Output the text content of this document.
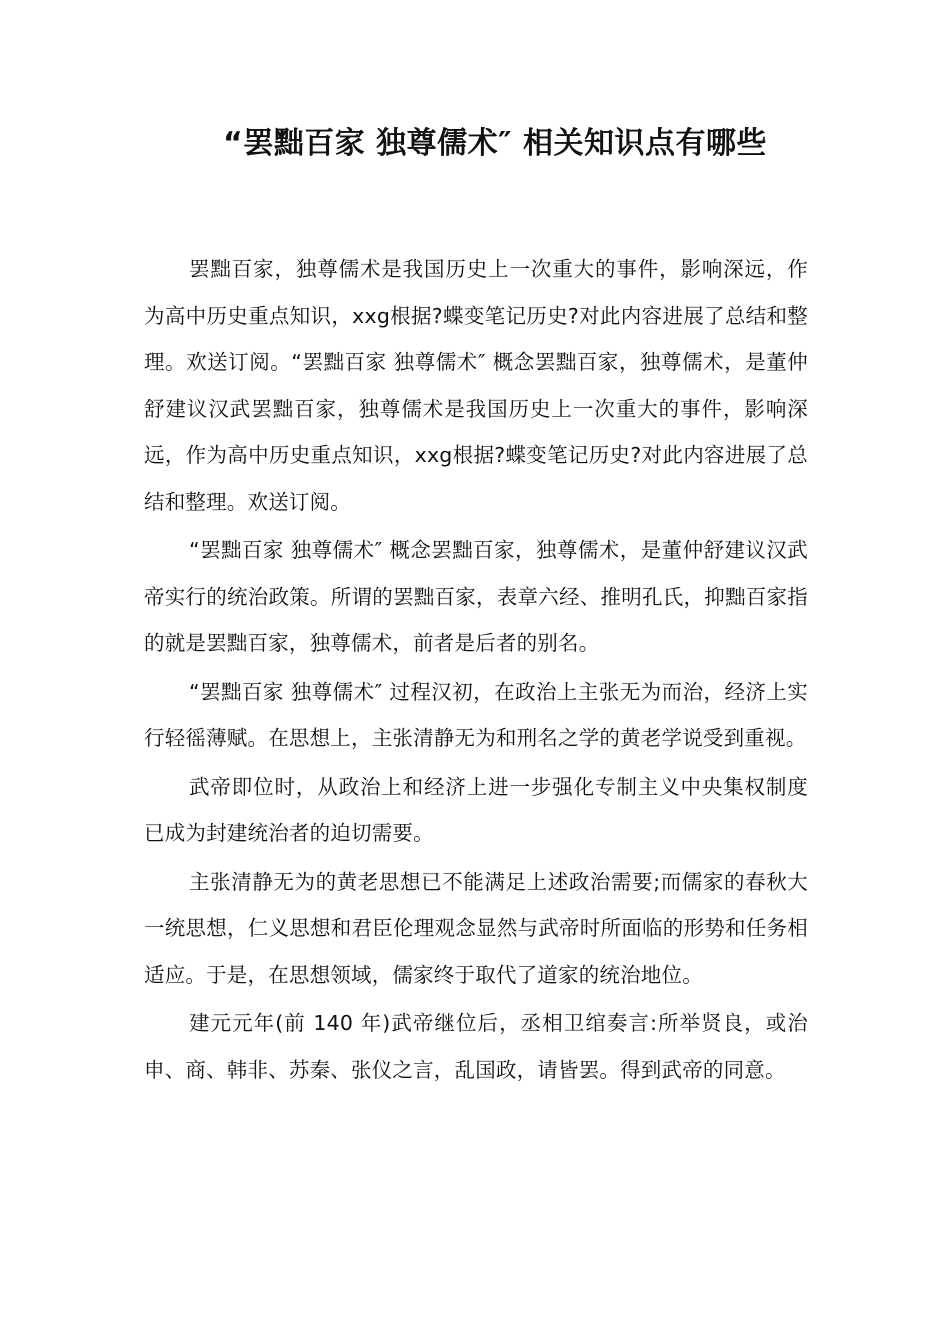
“罢黜百家 独尊儒术″ 相关知识点有哪些

罢黜百家，独尊儒术是我国历史上一次重大的事件，影响深远，作为高中历史重点知识，xxg根据?蝶变笔记历史?对此内容进展了总结和整理。欢送订阅。“罢黜百家 独尊儒术″ 概念罢黜百家，独尊儒术，是董仲舒建议汉武罢黜百家，独尊儒术是我国历史上一次重大的事件，影响深远，作为高中历史重点知识，xxg根据?蝶变笔记历史?对此内容进展了总结和整理。欢送订阅。

“罢黜百家 独尊儒术″ 概念罢黜百家，独尊儒术，是董仲舒建议汉武帝实行的统治政策。所谓的罢黜百家，表章六经、推明孔氏，抑黜百家指的就是罢黜百家，独尊儒术，前者是后者的别名。

“罢黜百家 独尊儒术″ 过程汉初，在政治上主张无为而治，经济上实行轻徭薄赋。在思想上，主张清静无为和刑名之学的黄老学说受到重视。

武帝即位时，从政治上和经济上进一步强化专制主义中央集权制度已成为封建统治者的迫切需要。

主张清静无为的黄老思想已不能满足上述政治需要;而儒家的春秋大一统思想，仁义思想和君臣伦理观念显然与武帝时所面临的形势和任务相适应。于是，在思想领域，儒家终于取代了道家的统治地位。

建元元年(前 140 年)武帝继位后，丞相卫绾奏言:所举贤良，或治申、商、韩非、苏秦、张仪之言，乱国政，请皆罢。得到武帝的同意。
